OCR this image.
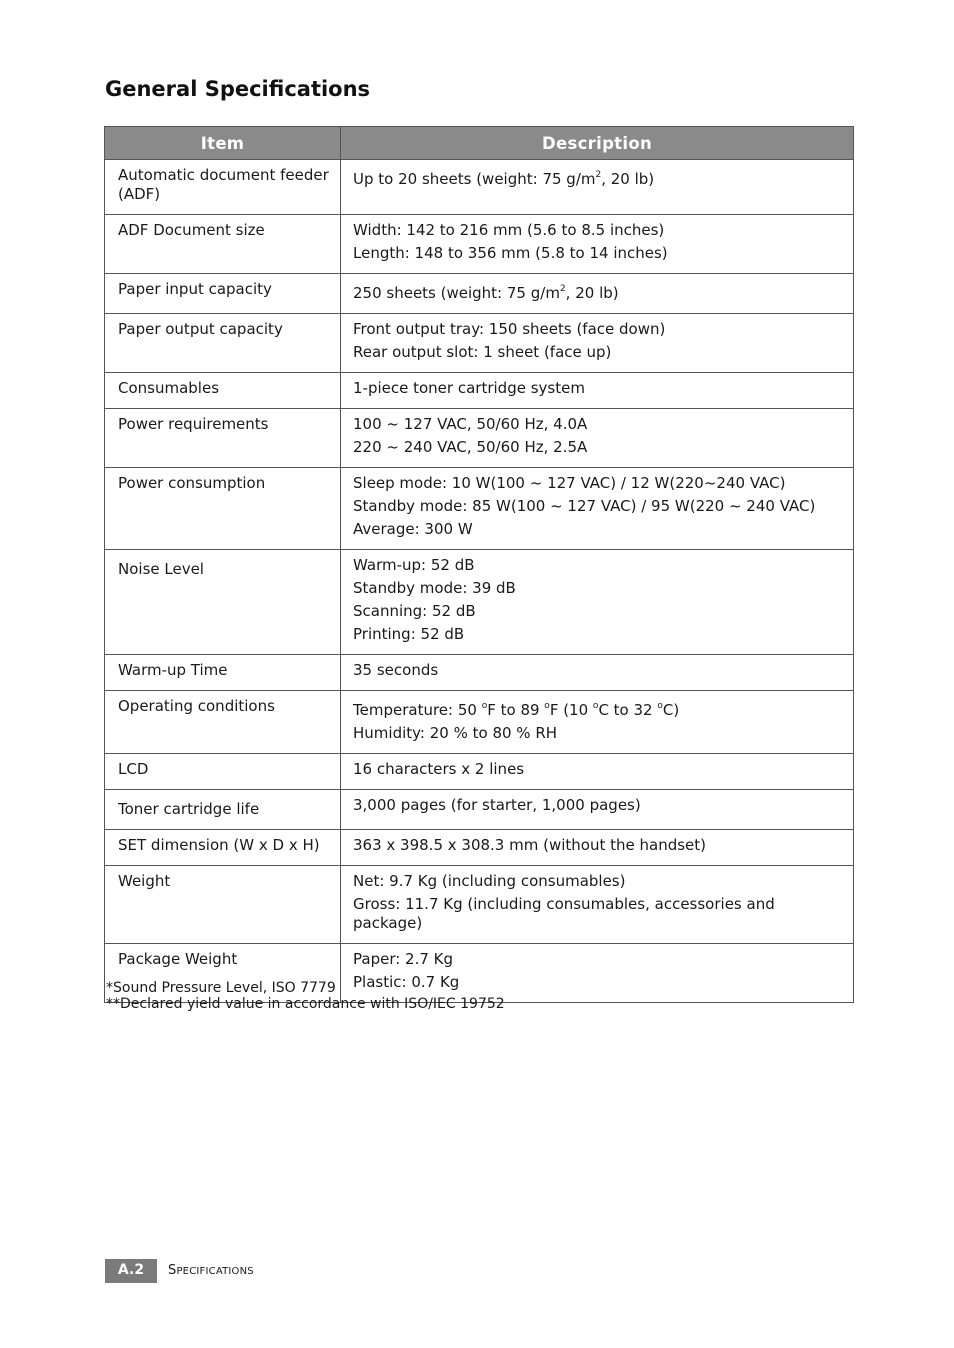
General Specifications
Item	Description

Automatic document feeder
(ADF)	Up to 20 sheets (weight: 75 $g/m^2$, 20 lb)

ADF Document size	Width: 142 to 216 mm (5.6 to 8.5 inches)
Length: 148 to 356 mm (5.8 to 14 inches)

Paper input capacity	250 sheets (weight: 75 $g/m^2$, 20 lb)

Paper output capacity	Front output tray: 150 sheets (face down)
Rear output slot: 1 sheet (face up)

Consumables	1-piece toner cartridge system

Power requirements	100 ~ 127 VAC, 50/60 Hz, 4.0A
220 ~ 240 VAC, 50/60 Hz, 2.5A

Power consumption	Sleep mode: 10 W(100 ~ 127 VAC) / 12 W(220~240 VAC)
Standby mode: 85 W(100 ~ 127 VAC) / 95 W(220 ~ 240 VAC)
Average: 300 W

Noise Level	Warm-up: 52 dB
Standby mode: 39 dB
Scanning: 52 dB
Printing: 52 dB

Warm-up Time	35 seconds

Operating conditions	Temperature: 50 $^o$F to 89 $^o$F (10 $^o$C to 32 $^o$C)
Humidity: 20 % to 80 % RH

LCD	16 characters x 2 lines

Toner cartridge life	3,000 pages (for starter, 1,000 pages)

SET dimension (W x D x H)	363 x 398.5 x 308.3 mm (without the handset)

Weight	Net: 9.7 Kg (including consumables)
Gross: 11.7 Kg (including consumables, accessories and package)

Package Weight	Paper: 2.7 Kg
Plastic: 0.7 Kg
*Sound Pressure Level, ISO 7779
**Declared yield value in accordance with ISO/IEC 19752
A.2	SPECIFICATIONS
